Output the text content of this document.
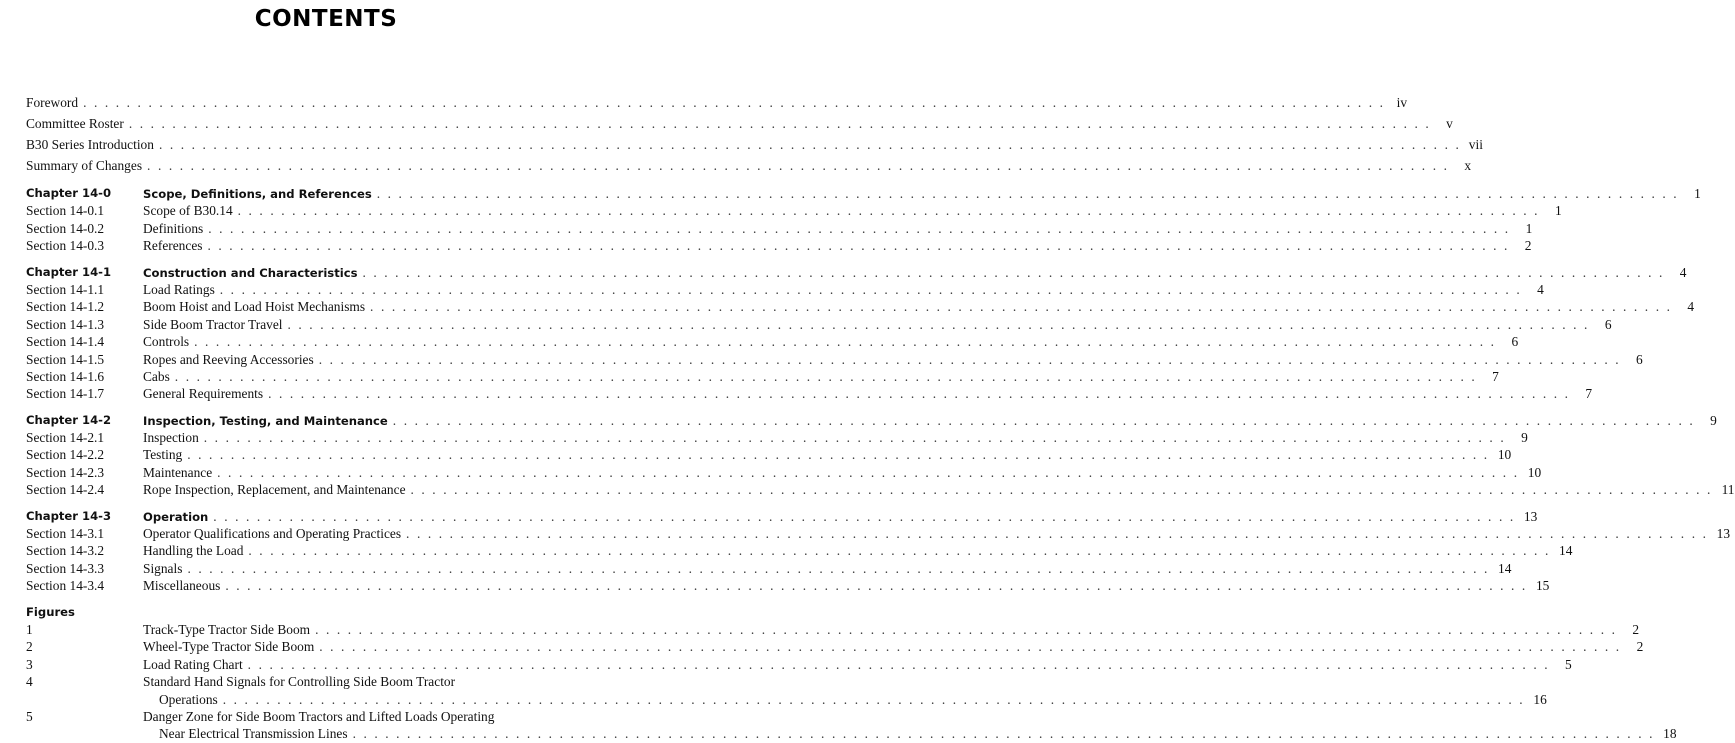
CONTENTS
Foreword . . . . . . . . . . . . . . . . . . . . . . . . . . . . . . . . . . . . . . . . . . . . . . . . . . . . . . . . . . . . . . . . . . . . . . . . . . . . . . . . . . . . . . . . . . . . . . . . . . . . . . . . . . . . . . . . . . . . . . . . iv
Committee Roster . . . . . . . . . . . . . . . . . . . . . . . . . . . . . . . . . . . . . . . . . . . . . . . . . . . . . . . . . . . . . . . . . . . . . . . . . . . . . . . . . . . . . . . . . . . . . . . . . . . . . . . . . . . . . . . . . . . . . . . .	v
B30 Series Introduction . . . . . . . . . . . . . . . . . . . . . . . . . . . . . . . . . . . . . . . . . . . . . . . . . . . . . . . . . . . . . . . . . . . . . . . . . . . . . . . . . . . . . . . . . . . . . . . . . . . . . . . . . . . . . . . . . . . . . . . . vii
Summary of Changes . . . . . . . . . . . . . . . . . . . . . . . . . . . . . . . . . . . . . . . . . . . . . . . . . . . . . . . . . . . . . . . . . . . . . . . . . . . . . . . . . . . . . . . . . . . . . . . . . . . . . . . . . . . . . . . . . . . . . . . .	x
Chapter 14-0	Scope, Definitions, and References . . . . . . . . . . . . . . . . . . . . . . . . . . . . . . . . . . . . . . . . . . . . . . . . . . . . . . . . . . . . . . . . . . . . . . . . . . . . . . . . . . . . . . . . . . . . . . . . . . . . . . . . . . . . . . . . . . . . . . . .	1
Section 14-0.1	Scope of B30.14 . . . . . . . . . . . . . . . . . . . . . . . . . . . . . . . . . . . . . . . . . . . . . . . . . . . . . . . . . . . . . . . . . . . . . . . . . . . . . . . . . . . . . . . . . . . . . . . . . . . . . . . . . . . . . . . . . . . . . . . .	1
Section 14-0.2	Definitions . . . . . . . . . . . . . . . . . . . . . . . . . . . . . . . . . . . . . . . . . . . . . . . . . . . . . . . . . . . . . . . . . . . . . . . . . . . . . . . . . . . . . . . . . . . . . . . . . . . . . . . . . . . . . . . . . . . . . . . .	1
Section 14-0.3	References . . . . . . . . . . . . . . . . . . . . . . . . . . . . . . . . . . . . . . . . . . . . . . . . . . . . . . . . . . . . . . . . . . . . . . . . . . . . . . . . . . . . . . . . . . . . . . . . . . . . . . . . . . . . . . . . . . . . . . . .	2
Chapter 14-1	Construction and Characteristics . . . . . . . . . . . . . . . . . . . . . . . . . . . . . . . . . . . . . . . . . . . . . . . . . . . . . . . . . . . . . . . . . . . . . . . . . . . . . . . . . . . . . . . . . . . . . . . . . . . . . . . . . . . . . . . . . . . . . . . .	4
Section 14-1.1	Load Ratings . . . . . . . . . . . . . . . . . . . . . . . . . . . . . . . . . . . . . . . . . . . . . . . . . . . . . . . . . . . . . . . . . . . . . . . . . . . . . . . . . . . . . . . . . . . . . . . . . . . . . . . . . . . . . . . . . . . . . . . .	4
Section 14-1.2	Boom Hoist and Load Hoist Mechanisms . . . . . . . . . . . . . . . . . . . . . . . . . . . . . . . . . . . . . . . . . . . . . . . . . . . . . . . . . . . . . . . . . . . . . . . . . . . . . . . . . . . . . . . . . . . . . . . . . . . . . . . . . . . . . . . . . . . . . . . .	4
Section 14-1.3	Side Boom Tractor Travel . . . . . . . . . . . . . . . . . . . . . . . . . . . . . . . . . . . . . . . . . . . . . . . . . . . . . . . . . . . . . . . . . . . . . . . . . . . . . . . . . . . . . . . . . . . . . . . . . . . . . . . . . . . . . . . . . . . . . . . .	6
Section 14-1.4	Controls . . . . . . . . . . . . . . . . . . . . . . . . . . . . . . . . . . . . . . . . . . . . . . . . . . . . . . . . . . . . . . . . . . . . . . . . . . . . . . . . . . . . . . . . . . . . . . . . . . . . . . . . . . . . . . . . . . . . . . . .	6
Section 14-1.5	Ropes and Reeving Accessories . . . . . . . . . . . . . . . . . . . . . . . . . . . . . . . . . . . . . . . . . . . . . . . . . . . . . . . . . . . . . . . . . . . . . . . . . . . . . . . . . . . . . . . . . . . . . . . . . . . . . . . . . . . . . . . . . . . . . . . .	6
Section 14-1.6	Cabs . . . . . . . . . . . . . . . . . . . . . . . . . . . . . . . . . . . . . . . . . . . . . . . . . . . . . . . . . . . . . . . . . . . . . . . . . . . . . . . . . . . . . . . . . . . . . . . . . . . . . . . . . . . . . . . . . . . . . . . .	7
Section 14-1.7	General Requirements . . . . . . . . . . . . . . . . . . . . . . . . . . . . . . . . . . . . . . . . . . . . . . . . . . . . . . . . . . . . . . . . . . . . . . . . . . . . . . . . . . . . . . . . . . . . . . . . . . . . . . . . . . . . . . . . . . . . . . . .	7
Chapter 14-2	Inspection, Testing, and Maintenance . . . . . . . . . . . . . . . . . . . . . . . . . . . . . . . . . . . . . . . . . . . . . . . . . . . . . . . . . . . . . . . . . . . . . . . . . . . . . . . . . . . . . . . . . . . . . . . . . . . . . . . . . . . . . . . . . . . . . . . .	9
Section 14-2.1	Inspection . . . . . . . . . . . . . . . . . . . . . . . . . . . . . . . . . . . . . . . . . . . . . . . . . . . . . . . . . . . . . . . . . . . . . . . . . . . . . . . . . . . . . . . . . . . . . . . . . . . . . . . . . . . . . . . . . . . . . . . .	9
Section 14-2.2	Testing . . . . . . . . . . . . . . . . . . . . . . . . . . . . . . . . . . . . . . . . . . . . . . . . . . . . . . . . . . . . . . . . . . . . . . . . . . . . . . . . . . . . . . . . . . . . . . . . . . . . . . . . . . . . . . . . . . . . . . . . 10
Section 14-2.3	Maintenance . . . . . . . . . . . . . . . . . . . . . . . . . . . . . . . . . . . . . . . . . . . . . . . . . . . . . . . . . . . . . . . . . . . . . . . . . . . . . . . . . . . . . . . . . . . . . . . . . . . . . . . . . . . . . . . . . . . . . . . . 10
Section 14-2.4	Rope Inspection, Replacement, and Maintenance . . . . . . . . . . . . . . . . . . . . . . . . . . . . . . . . . . . . . . . . . . . . . . . . . . . . . . . . . . . . . . . . . . . . . . . . . . . . . . . . . . . . . . . . . . . . . . . . . . . . . . . . . . . . . . . . . . . . . . . . 11
Chapter 14-3	Operation . . . . . . . . . . . . . . . . . . . . . . . . . . . . . . . . . . . . . . . . . . . . . . . . . . . . . . . . . . . . . . . . . . . . . . . . . . . . . . . . . . . . . . . . . . . . . . . . . . . . . . . . . . . . . . . . . . . . . . . . 13
Section 14-3.1	Operator Qualifications and Operating Practices . . . . . . . . . . . . . . . . . . . . . . . . . . . . . . . . . . . . . . . . . . . . . . . . . . . . . . . . . . . . . . . . . . . . . . . . . . . . . . . . . . . . . . . . . . . . . . . . . . . . . . . . . . . . . . . . . . . . . . . . 13
Section 14-3.2	Handling the Load . . . . . . . . . . . . . . . . . . . . . . . . . . . . . . . . . . . . . . . . . . . . . . . . . . . . . . . . . . . . . . . . . . . . . . . . . . . . . . . . . . . . . . . . . . . . . . . . . . . . . . . . . . . . . . . . . . . . . . . . 14
Section 14-3.3	Signals . . . . . . . . . . . . . . . . . . . . . . . . . . . . . . . . . . . . . . . . . . . . . . . . . . . . . . . . . . . . . . . . . . . . . . . . . . . . . . . . . . . . . . . . . . . . . . . . . . . . . . . . . . . . . . . . . . . . . . . . 14
Section 14-3.4	Miscellaneous . . . . . . . . . . . . . . . . . . . . . . . . . . . . . . . . . . . . . . . . . . . . . . . . . . . . . . . . . . . . . . . . . . . . . . . . . . . . . . . . . . . . . . . . . . . . . . . . . . . . . . . . . . . . . . . . . . . . . . . . 15
Figures
1	Track-Type Tractor Side Boom . . . . . . . . . . . . . . . . . . . . . . . . . . . . . . . . . . . . . . . . . . . . . . . . . . . . . . . . . . . . . . . . . . . . . . . . . . . . . . . . . . . . . . . . . . . . . . . . . . . . . . . . . . . . . . . . . . . . . . . .	2
2	Wheel-Type Tractor Side Boom . . . . . . . . . . . . . . . . . . . . . . . . . . . . . . . . . . . . . . . . . . . . . . . . . . . . . . . . . . . . . . . . . . . . . . . . . . . . . . . . . . . . . . . . . . . . . . . . . . . . . . . . . . . . . . . . . . . . . . . .	2
3	Load Rating Chart . . . . . . . . . . . . . . . . . . . . . . . . . . . . . . . . . . . . . . . . . . . . . . . . . . . . . . . . . . . . . . . . . . . . . . . . . . . . . . . . . . . . . . . . . . . . . . . . . . . . . . . . . . . . . . . . . . . . . . . .	5
4	Standard Hand Signals for Controlling Side Boom Tractor
Operations . . . . . . . . . . . . . . . . . . . . . . . . . . . . . . . . . . . . . . . . . . . . . . . . . . . . . . . . . . . . . . . . . . . . . . . . . . . . . . . . . . . . . . . . . . . . . . . . . . . . . . . . . . . . . . . . . . . . . . . . 16
5	Danger Zone for Side Boom Tractors and Lifted Loads Operating
Near Electrical Transmission Lines . . . . . . . . . . . . . . . . . . . . . . . . . . . . . . . . . . . . . . . . . . . . . . . . . . . . . . . . . . . . . . . . . . . . . . . . . . . . . . . . . . . . . . . . . . . . . . . . . . . . . . . . . . . . . . . . . . . . . . . . 18
